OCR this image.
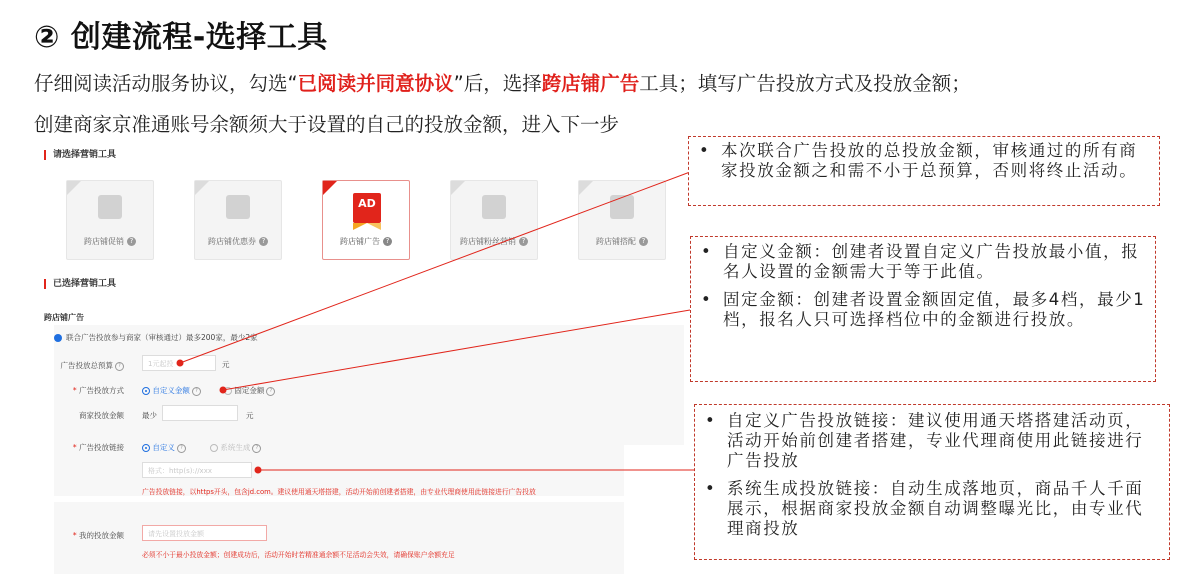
② 创建流程-选择工具
仔细阅读活动服务协议，勾选“已阅读并同意协议”后，选择跨店铺广告工具；填写广告投放方式及投放金额；
创建商家京准通账号余额须大于设置的自己的投放金额，进入下一步
请选择营销工具
跨店铺促销 ?	跨店铺优惠券 ?
AD
跨店铺广告 ?	跨店铺粉丝营销 ?	跨店铺搭配 ?
已选择营销工具
跨店铺广告
联合广告投放参与商家（审核通过）最多200家，最少2家
广告投放总预算 ?	1元起投	元
* 广告投放方式	自定义金额 ?	固定金额 ?
商家投放金额 最少	元
* 广告投放链接	自定义 ?	系统生成 ?
格式：http(s)://xxx
广告投放链接，以https开头，包含jd.com。建议使用通天塔搭建，活动开始前创建者搭建，由专业代理商使用此链接进行广告投放
* 我的投放金额	请先设置投放金额
必须不小于最小投放金额；创建成功后，活动开始时若精准通余额不足活动会失效，请确保账户余额充足
• 本次联合广告投放的总投放金额，审核通过的所有商家投放金额之和需不小于总预算，否则将终止活动。
• 自定义金额：创建者设置自定义广告投放最小值，报名人设置的金额需大于等于此值。
• 固定金额：创建者设置金额固定值，最多4档，最少1档，报名人只可选择档位中的金额进行投放。
• 自定义广告投放链接：建议使用通天塔搭建活动页，活动开始前创建者搭建，专业代理商使用此链接进行广告投放
• 系统生成投放链接：自动生成落地页，商品千人千面展示，根据商家投放金额自动调整曝光比，由专业代理商投放
